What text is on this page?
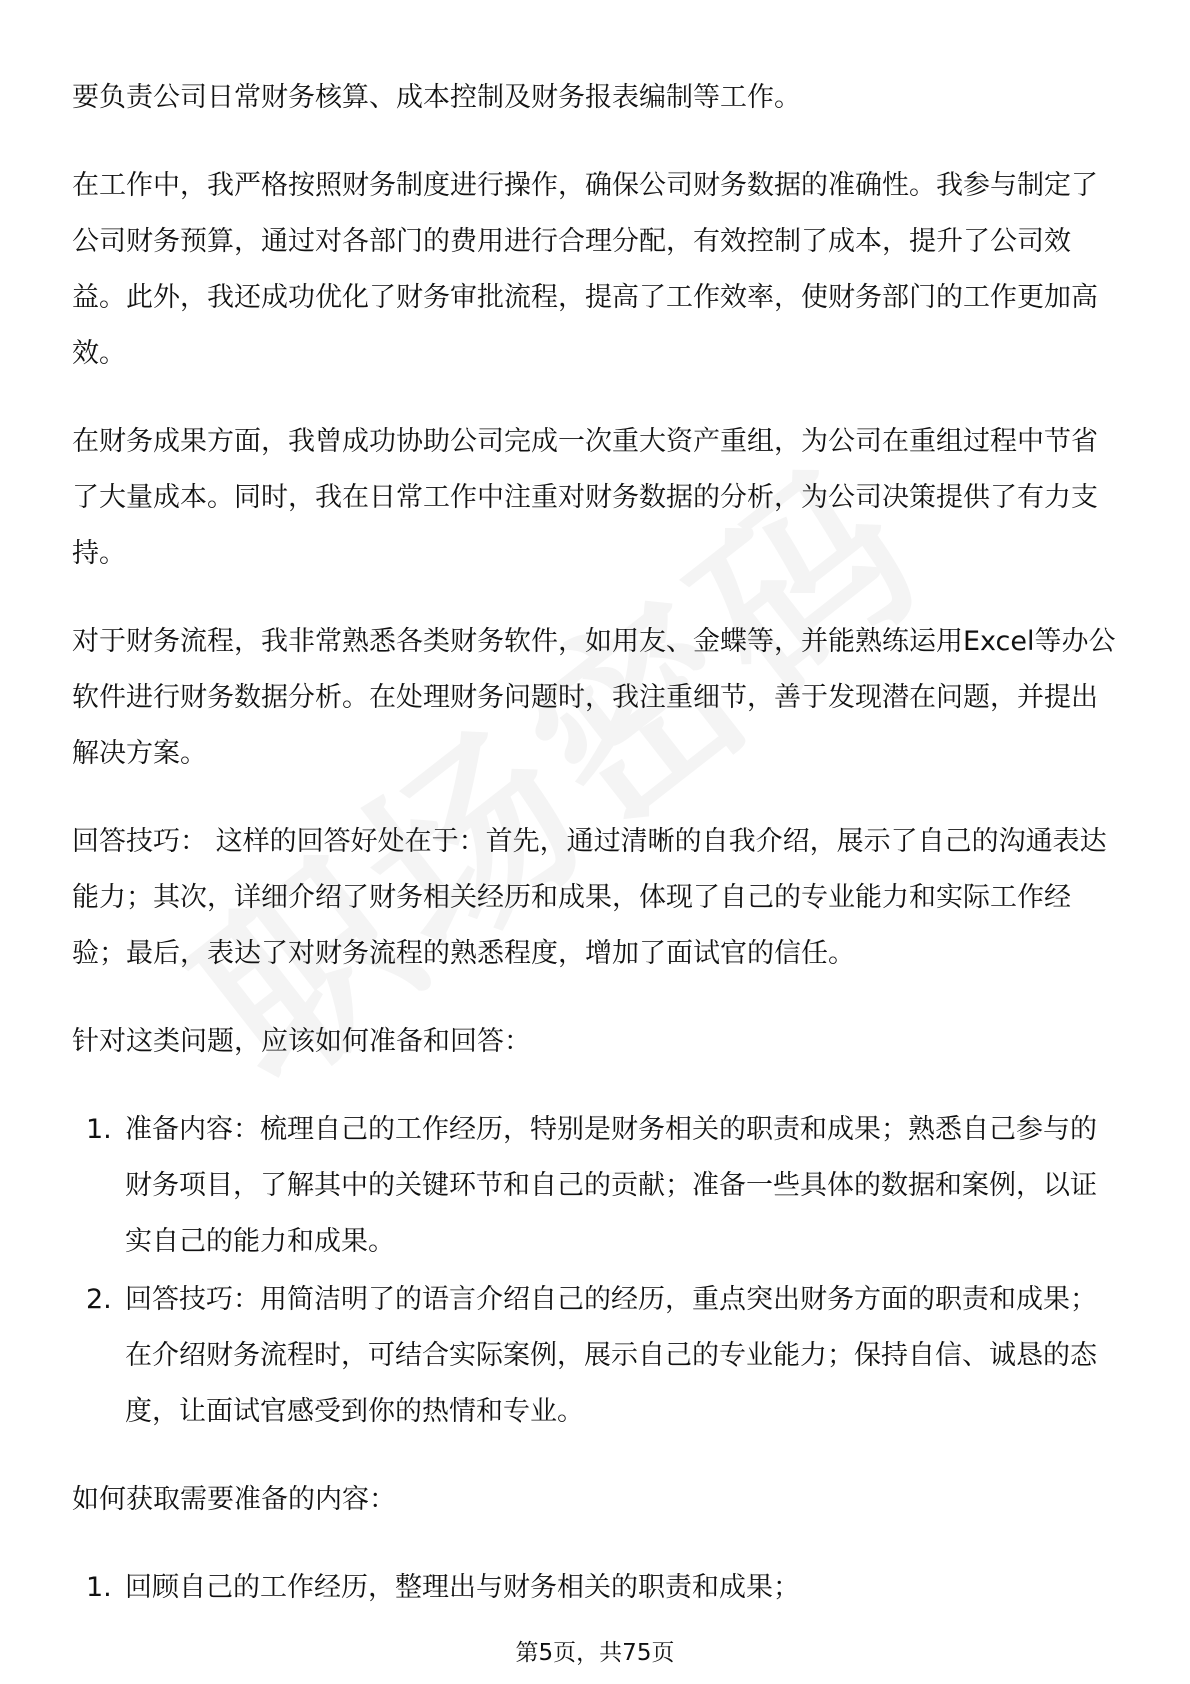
要负责公司日常财务核算、成本控制及财务报表编制等工作。

在工作中，我严格按照财务制度进行操作，确保公司财务数据的准确性。我参与制定了公司财务预算，通过对各部门的费用进行合理分配，有效控制了成本，提升了公司效益。此外，我还成功优化了财务审批流程，提高了工作效率，使财务部门的工作更加高效。

在财务成果方面，我曾成功协助公司完成一次重大资产重组，为公司在重组过程中节省了大量成本。同时，我在日常工作中注重对财务数据的分析，为公司决策提供了有力支持。

对于财务流程，我非常熟悉各类财务软件，如用友、金蝶等，并能熟练运用Excel等办公软件进行财务数据分析。在处理财务问题时，我注重细节，善于发现潜在问题，并提出解决方案。

回答技巧： 这样的回答好处在于：首先，通过清晰的自我介绍，展示了自己的沟通表达能力；其次，详细介绍了财务相关经历和成果，体现了自己的专业能力和实际工作经验；最后，表达了对财务流程的熟悉程度，增加了面试官的信任。

针对这类问题，应该如何准备和回答：

1. 准备内容：梳理自己的工作经历，特别是财务相关的职责和成果；熟悉自己参与的财务项目，了解其中的关键环节和自己的贡献；准备一些具体的数据和案例，以证实自己的能力和成果。
2. 回答技巧：用简洁明了的语言介绍自己的经历，重点突出财务方面的职责和成果；在介绍财务流程时，可结合实际案例，展示自己的专业能力；保持自信、诚恳的态度，让面试官感受到你的热情和专业。

如何获取需要准备的内容：

1. 回顾自己的工作经历，整理出与财务相关的职责和成果；
第5页，共75页
